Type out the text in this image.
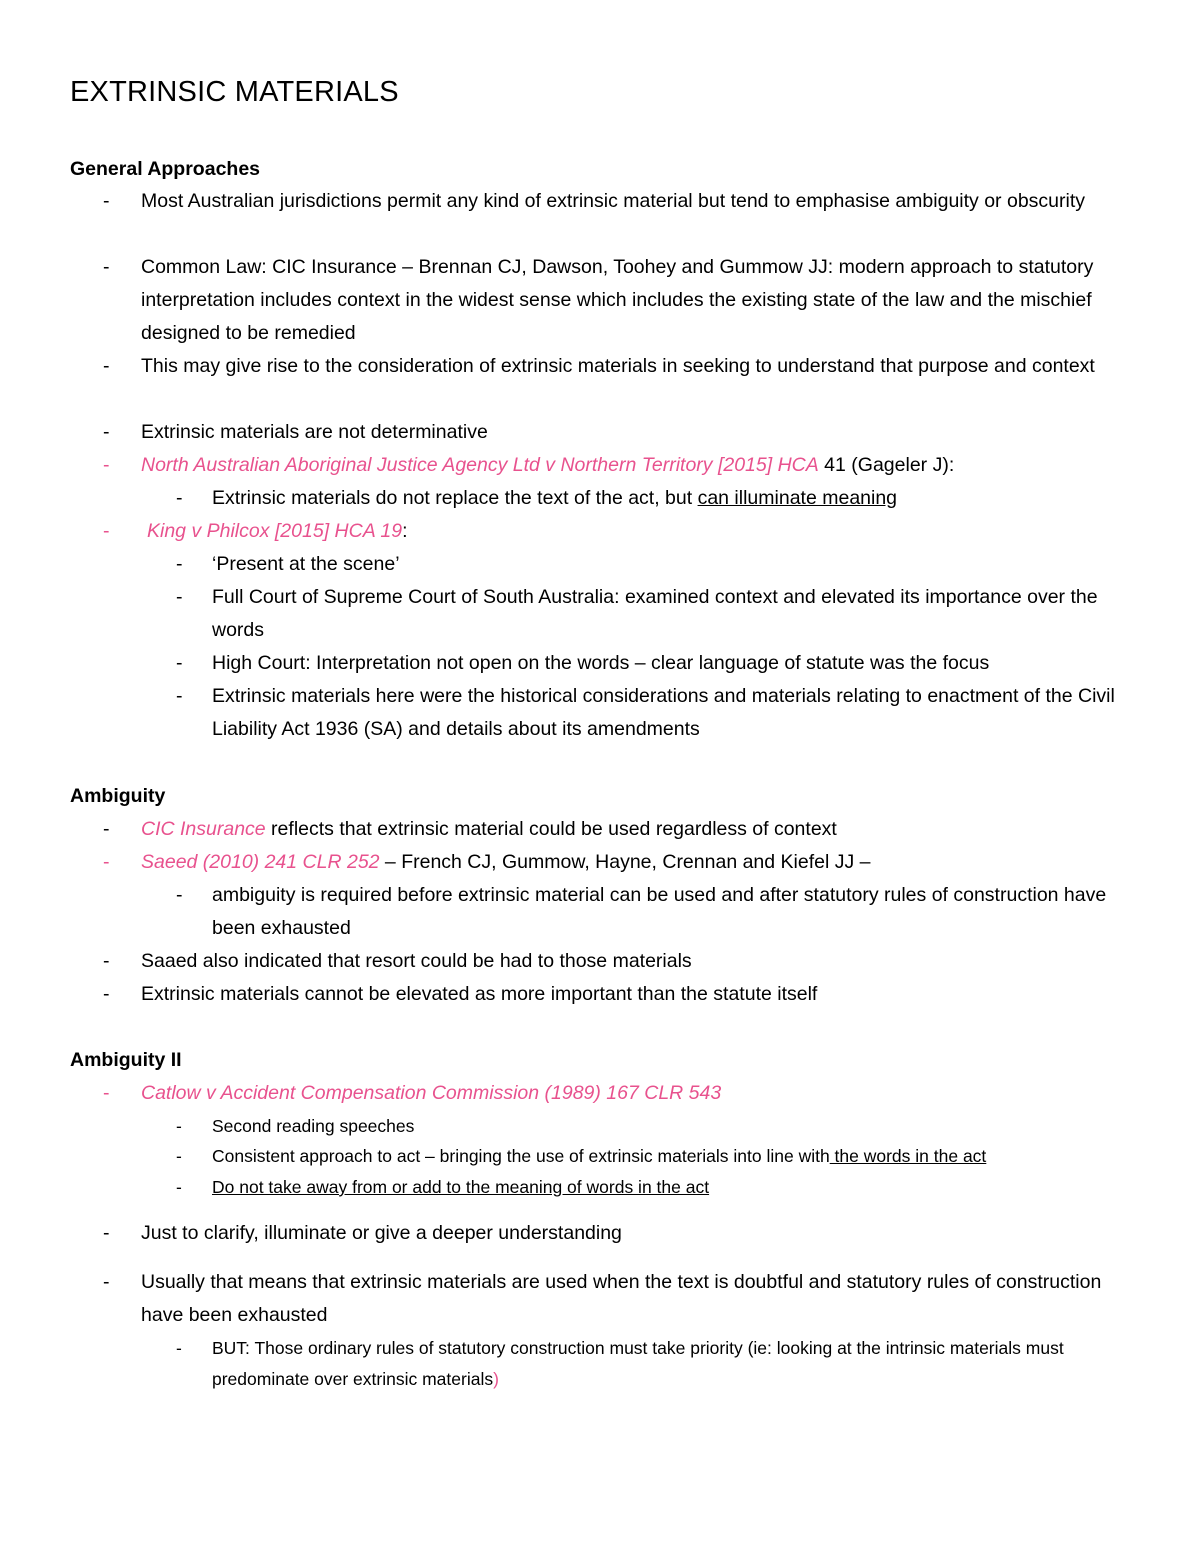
EXTRINSIC MATERIALS
General Approaches
- Most Australian jurisdictions permit any kind of extrinsic material but tend to emphasise ambiguity or obscurity
- Common Law: CIC Insurance – Brennan CJ, Dawson, Toohey and Gummow JJ: modern approach to statutory interpretation includes context in the widest sense which includes the existing state of the law and the mischief designed to be remedied
- This may give rise to the consideration of extrinsic materials in seeking to understand that purpose and context
- Extrinsic materials are not determinative
- North Australian Aboriginal Justice Agency Ltd v Northern Territory [2015] HCA 41 (Gageler J):
- Extrinsic materials do not replace the text of the act, but can illuminate meaning
- King v Philcox [2015] HCA 19:
- ‘Present at the scene’
- Full Court of Supreme Court of South Australia: examined context and elevated its importance over the words
- High Court: Interpretation not open on the words – clear language of statute was the focus
- Extrinsic materials here were the historical considerations and materials relating to enactment of the Civil Liability Act 1936 (SA) and details about its amendments
Ambiguity
- CIC Insurance reflects that extrinsic material could be used regardless of context
- Saeed (2010) 241 CLR 252 – French CJ, Gummow, Hayne, Crennan and Kiefel JJ –
- ambiguity is required before extrinsic material can be used and after statutory rules of construction have been exhausted
- Saaed also indicated that resort could be had to those materials
- Extrinsic materials cannot be elevated as more important than the statute itself
Ambiguity II
- Catlow v Accident Compensation Commission (1989) 167 CLR 543
- Second reading speeches
- Consistent approach to act – bringing the use of extrinsic materials into line with the words in the act
- Do not take away from or add to the meaning of words in the act
- Just to clarify, illuminate or give a deeper understanding
- Usually that means that extrinsic materials are used when the text is doubtful and statutory rules of construction have been exhausted
- BUT: Those ordinary rules of statutory construction must take priority (ie: looking at the intrinsic materials must predominate over extrinsic materials)
